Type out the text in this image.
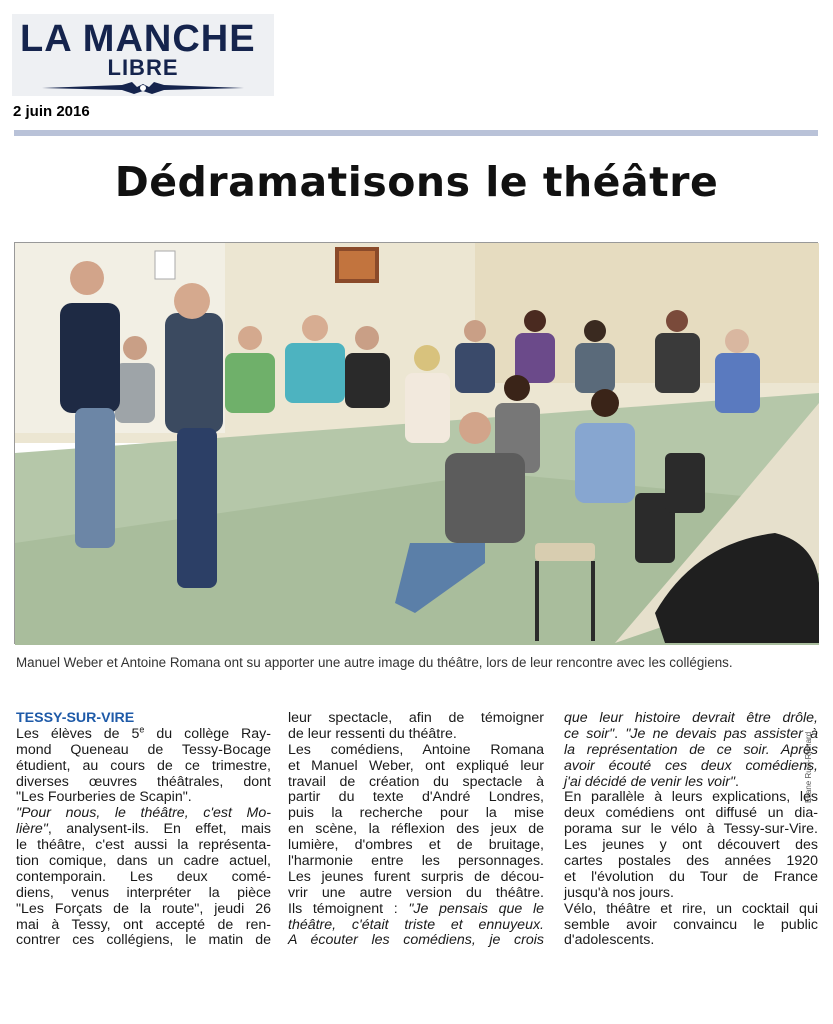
LA MANCHE
LIBRE
2 juin 2016
Dédramatisons le théâtre
Eliane Ruel-Richard

Manuel Weber et Antoine Romana ont su apporter une autre image du théâtre, lors de leur rencontre avec les collégiens.

TESSY-SUR-VIRE
Les élèves de 5e du collège Ray-
mond Queneau de Tessy-Bocage
étudient, au cours de ce trimestre,
diverses œuvres théâtrales, dont
"Les Fourberies de Scapin".
"Pour nous, le théâtre, c'est Mo-
lière", analysent-ils. En effet, mais
le théâtre, c'est aussi la représenta-
tion comique, dans un cadre actuel,
contemporain. Les deux comé-
diens, venus interpréter la pièce
"Les Forçats de la route", jeudi 26
mai à Tessy, ont accepté de ren-
contrer ces collégiens, le matin de
leur spectacle, afin de témoigner
de leur ressenti du théâtre.
Les comédiens, Antoine Romana
et Manuel Weber, ont expliqué leur
travail de création du spectacle à
partir du texte d'André Londres,
puis la recherche pour la mise
en scène, la réflexion des jeux de
lumière, d'ombres et de bruitage,
l'harmonie entre les personnages.
Les jeunes furent surpris de décou-
vrir une autre version du théâtre.
Ils témoignent : "Je pensais que le
théâtre, c'était triste et ennuyeux.
A écouter les comédiens, je crois
que leur histoire devrait être drôle,
ce soir". "Je ne devais pas assister à
la représentation de ce soir. Après
avoir écouté ces deux comédiens,
j'ai décidé de venir les voir".
En parallèle à leurs explications, les
deux comédiens ont diffusé un dia-
porama sur le vélo à Tessy-sur-Vire.
Les jeunes y ont découvert des
cartes postales des années 1920
et l'évolution du Tour de France
jusqu'à nos jours.
Vélo, théâtre et rire, un cocktail qui
semble avoir convaincu le public
d'adolescents.
